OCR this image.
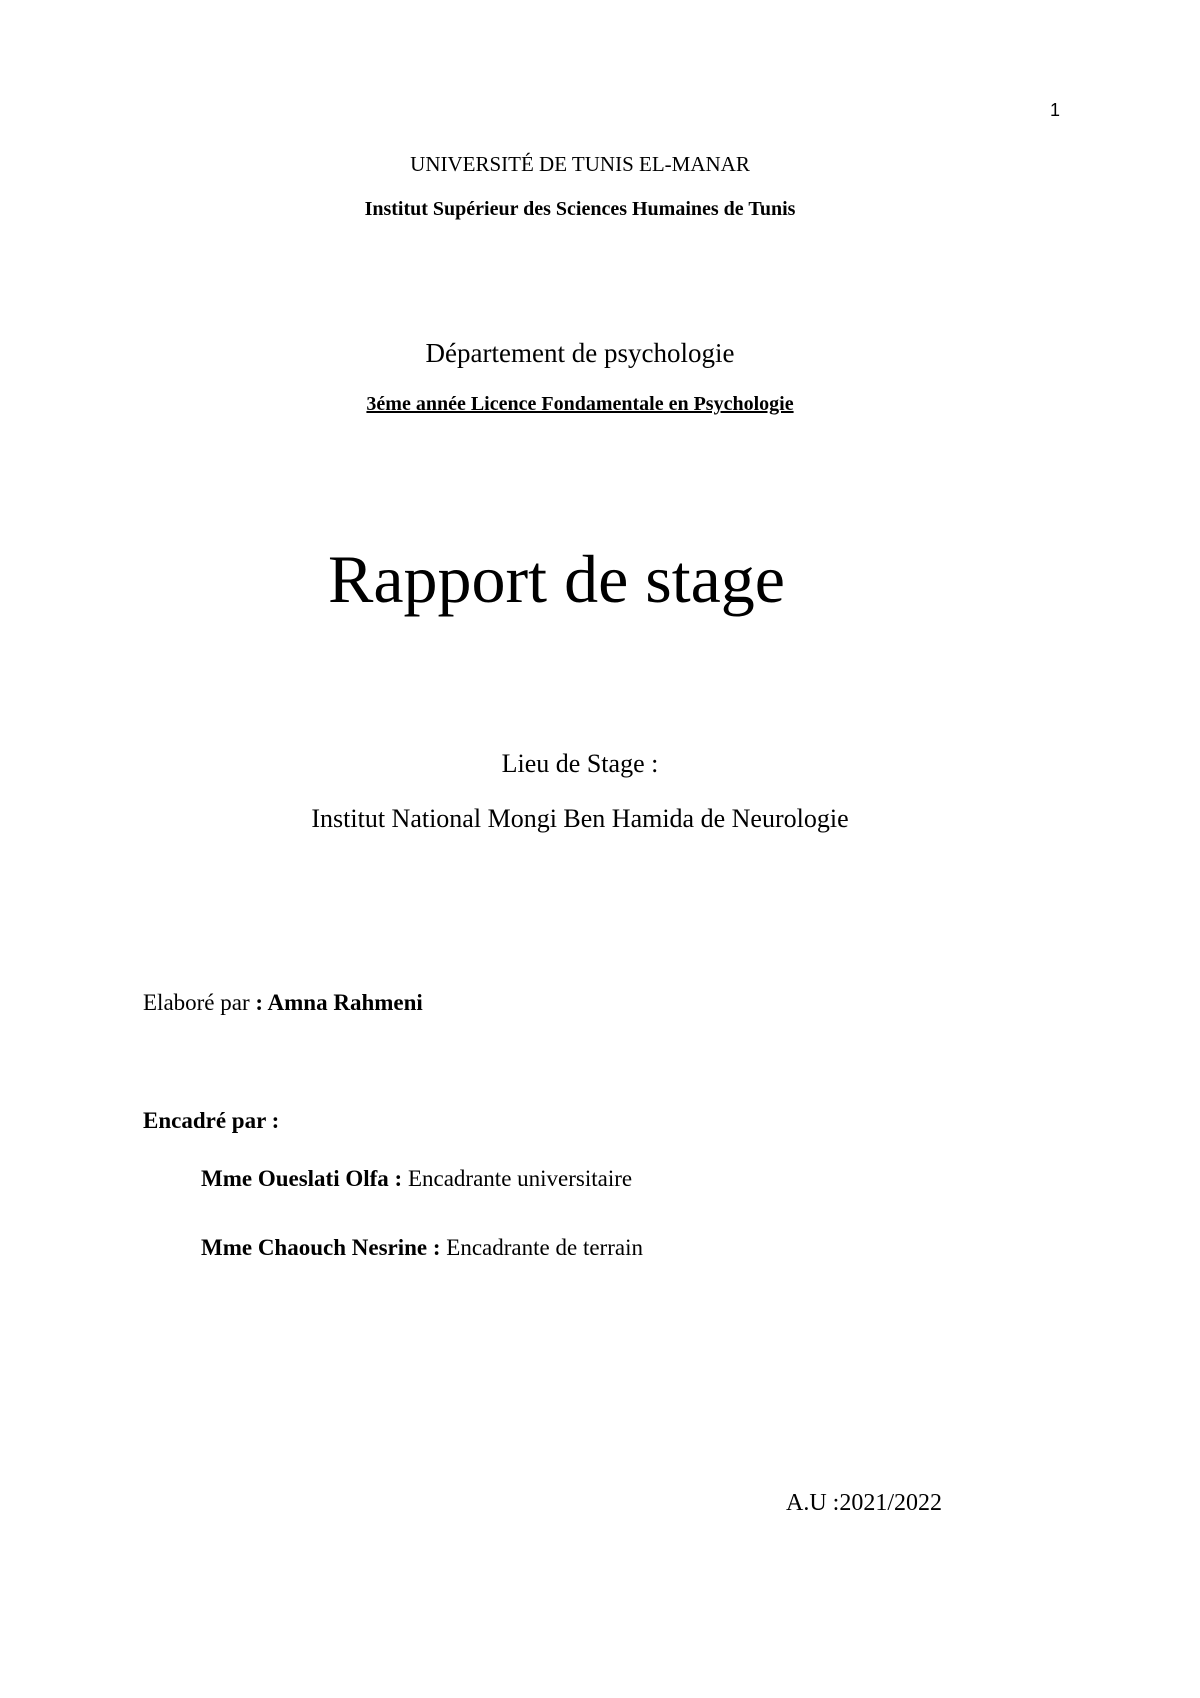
1
UNIVERSITÉ DE TUNIS EL-MANAR
Institut Supérieur des Sciences Humaines de Tunis
Département de psychologie
3éme année Licence Fondamentale en Psychologie
Rapport de stage
Lieu de Stage :
Institut National Mongi Ben Hamida de Neurologie
Elaboré par : Amna Rahmeni
Encadré par :
Mme Oueslati Olfa : Encadrante universitaire
Mme Chaouch Nesrine : Encadrante de terrain
A.U :2021/2022
